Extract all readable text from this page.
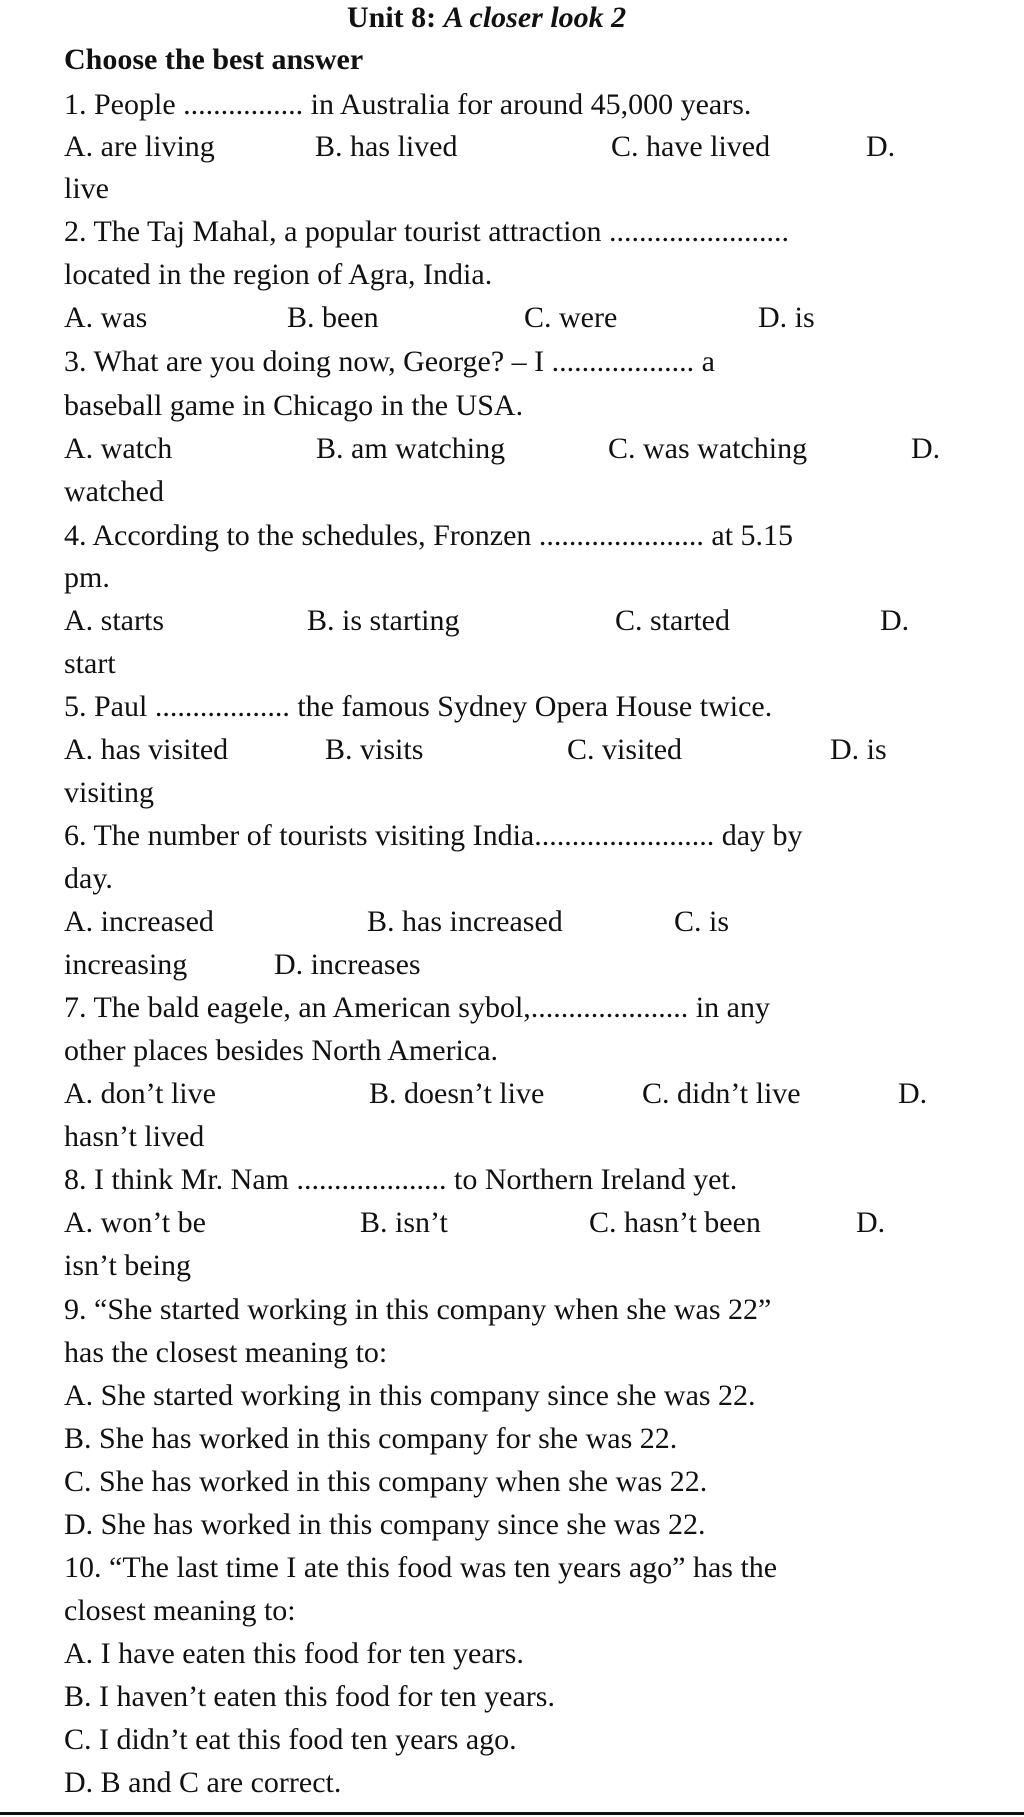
Unit 8: A closer look 2
Choose the best answer
1. People ................ in Australia for around 45,000 years.
A. are living	B. has lived	C. have lived	D.
live
2. The Taj Mahal, a popular tourist attraction ........................
located in the region of Agra, India.
A. was	B. been	C. were	D. is
3. What are you doing now, George? – I ................... a
baseball game in Chicago in the USA.
A. watch	B. am watching	C. was watching	D.
watched
4. According to the schedules, Fronzen ...................... at 5.15
pm.
A. starts	B. is starting	C. started	D.
start
5. Paul .................. the famous Sydney Opera House twice.
A. has visited	B. visits	C. visited	D. is
visiting
6. The number of tourists visiting India........................ day by
day.
A. increased	B. has increased	C. is
increasing	D. increases
7. The bald eagele, an American sybol,..................... in any
other places besides North America.
A. don’t live	B. doesn’t live	C. didn’t live	D.
hasn’t lived
8. I think Mr. Nam .................... to Northern Ireland yet.
A. won’t be	B. isn’t	C. hasn’t been	D.
isn’t being
9. “She started working in this company when she was 22”
has the closest meaning to:
A. She started working in this company since she was 22.
B. She has worked in this company for she was 22.
C. She has worked in this company when she was 22.
D. She has worked in this company since she was 22.
10. “The last time I ate this food was ten years ago” has the
closest meaning to:
A. I have eaten this food for ten years.
B. I haven’t eaten this food for ten years.
C. I didn’t eat this food ten years ago.
D. B and C are correct.
